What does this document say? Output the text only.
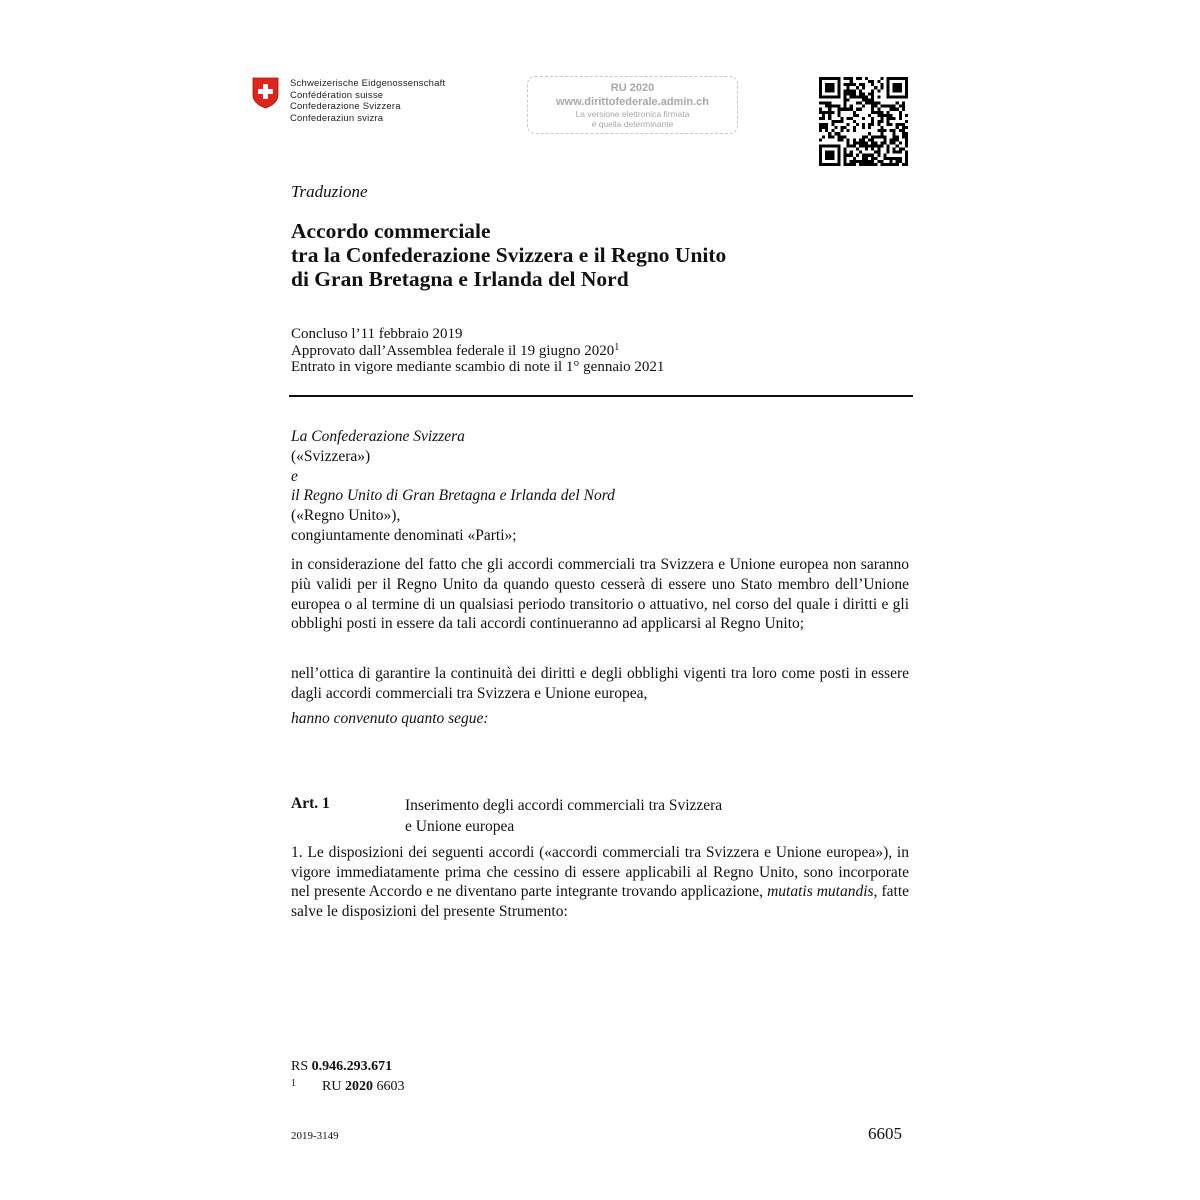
Schweizerische Eidgenossenschaft
Confédération suisse
Confederazione Svizzera
Confederaziun svizra
RU 2020
www.dirittofederale.admin.ch
La versione elettronica firmata
è quella determinante
Traduzione
Accordo commerciale
tra la Confederazione Svizzera e il Regno Unito
di Gran Bretagna e Irlanda del Nord
Concluso l’11 febbraio 2019
Approvato dall’Assemblea federale il 19 giugno 2020$^1$
Entrato in vigore mediante scambio di note il 1° gennaio 2021
La Confederazione Svizzera
(«Svizzera»)
e
il Regno Unito di Gran Bretagna e Irlanda del Nord
(«Regno Unito»),
congiuntamente denominati «Parti»;
in considerazione del fatto che gli accordi commerciali tra Svizzera e Unione europea non saranno più validi per il Regno Unito da quando questo cesserà di essere uno Stato membro dell’Unione europea o al termine di un qualsiasi periodo transitorio o attuativo, nel corso del quale i diritti e gli obblighi posti in essere da tali accordi continueranno ad applicarsi al Regno Unito;
nell’ottica di garantire la continuità dei diritti e degli obblighi vigenti tra loro come posti in essere dagli accordi commerciali tra Svizzera e Unione europea,
hanno convenuto quanto segue:
Art. 1	Inserimento degli accordi commerciali tra Svizzera
e Unione europea
1. Le disposizioni dei seguenti accordi («accordi commerciali tra Svizzera e Unione europea»), in vigore immediatamente prima che cessino di essere applicabili al Regno Unito, sono incorporate nel presente Accordo e ne diventano parte integrante trovando applicazione, mutatis mutandis, fatte salve le disposizioni del presente Strumento:
RS 0.946.293.671
$^1$ RU 2020 6603
2019-3149	6605
